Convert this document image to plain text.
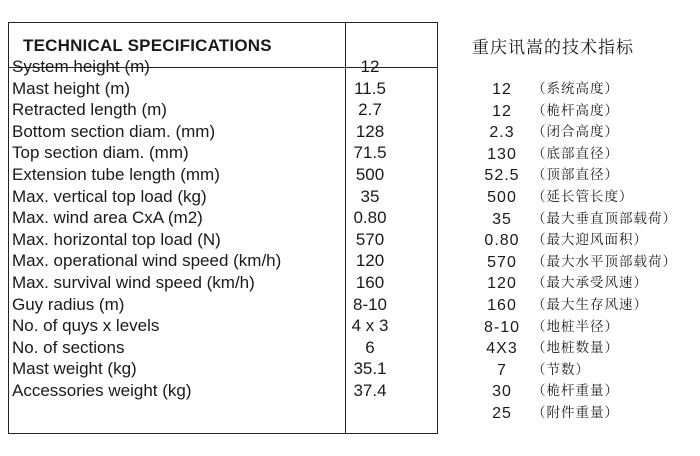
TECHNICAL SPECIFICATIONS
System height (m)	12
Mast height (m)	11.5
Retracted length (m)	2.7
Bottom section diam. (mm)	128
Top section diam. (mm)	71.5
Extension tube length (mm)	500
Max. vertical top load (kg)	35
Max. wind area CxA (m2)	0.80
Max. horizontal top load (N)	570
Max. operational wind speed (km/h)	120
Max. survival wind speed (km/h)	160
Guy radius (m)	8-10
No. of quys x levels	4 x 3
No. of sections	6
Mast weight (kg)	35.1
Accessories weight (kg)	37.4
重庆讯嵩的技术指标
12	（系统高度）
12	（桅杆高度）
2.3	（闭合高度）
130	（底部直径）
52.5 （顶部直径）
500	（延长管长度）
35	（最大垂直顶部载荷）
0.80 （最大迎风面积）
570	（最大水平顶部载荷）
120	（最大承受风速）
160	（最大生存风速）
8-10 （地桩半径）
4X3	（地桩数量）
7	（节数）
30	（桅杆重量）
25	（附件重量）
